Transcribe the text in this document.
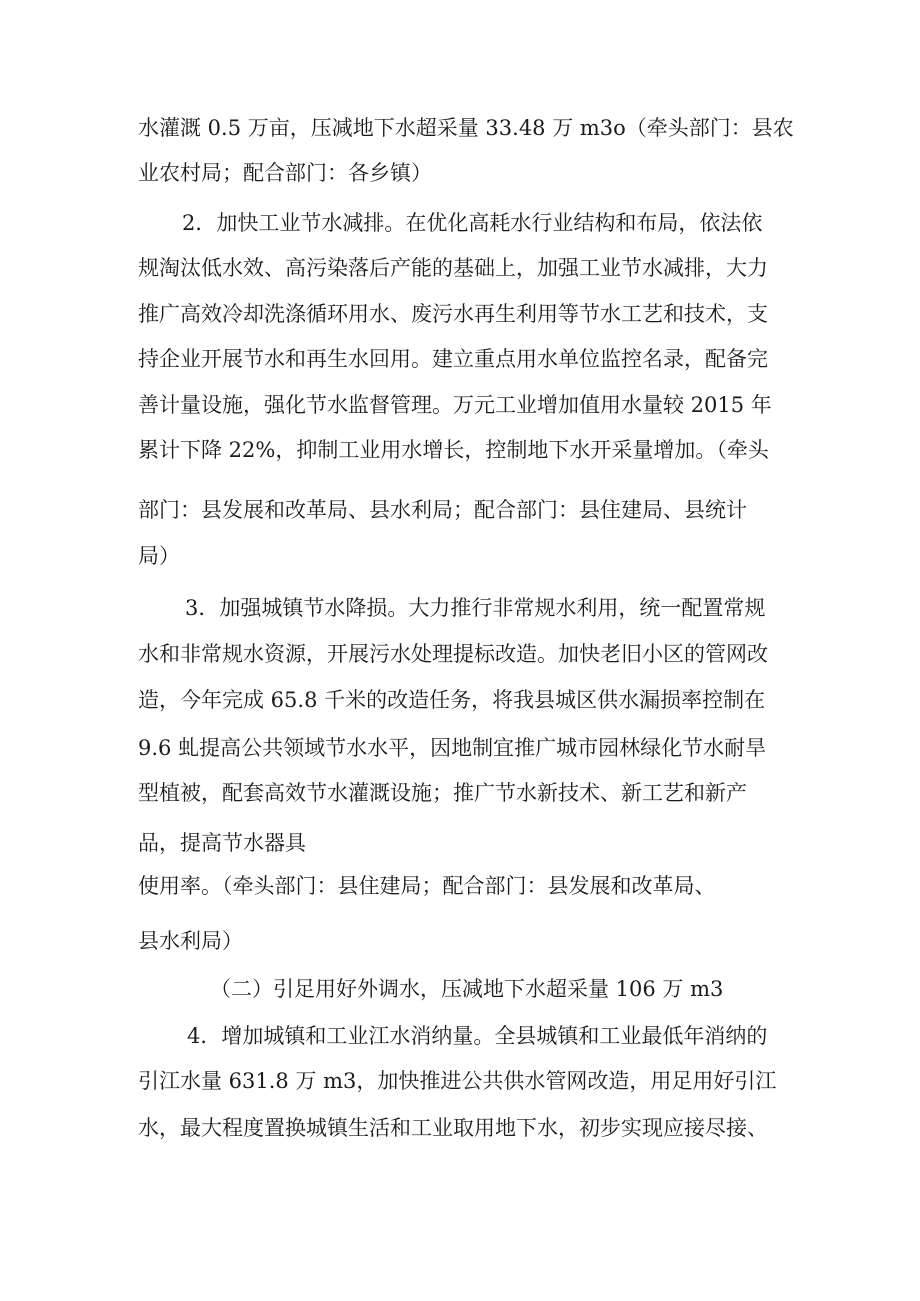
水灌溉 0.5 万亩，压减地下水超采量 33.48 万 m3o（牵头部门：县农
业农村局；配合部门：各乡镇）
2．加快工业节水减排。在优化高耗水行业结构和布局，依法依
规淘汰低水效、高污染落后产能的基础上，加强工业节水减排，大力
推广高效冷却洗涤循环用水、废污水再生利用等节水工艺和技术，支
持企业开展节水和再生水回用。建立重点用水单位监控名录，配备完
善计量设施，强化节水监督管理。万元工业增加值用水量较 2015 年
累计下降 22%，抑制工业用水增长，控制地下水开采量增加。（牵头
部门：县发展和改革局、县水利局；配合部门：县住建局、县统计
局）
3．加强城镇节水降损。大力推行非常规水利用，统一配置常规
水和非常规水资源，开展污水处理提标改造。加快老旧小区的管网改
造，今年完成 65.8 千米的改造任务，将我县城区供水漏损率控制在
9.6 虬提高公共领域节水水平，因地制宜推广城市园林绿化节水耐旱
型植被，配套高效节水灌溉设施；推广节水新技术、新工艺和新产
品，提高节水器具
使用率。（牵头部门：县住建局；配合部门：县发展和改革局、
县水利局）
（二）引足用好外调水，压减地下水超采量 106 万 m3
4．增加城镇和工业江水消纳量。全县城镇和工业最低年消纳的
引江水量 631.8 万 m3，加快推进公共供水管网改造，用足用好引江
水，最大程度置换城镇生活和工业取用地下水，初步实现应接尽接、
